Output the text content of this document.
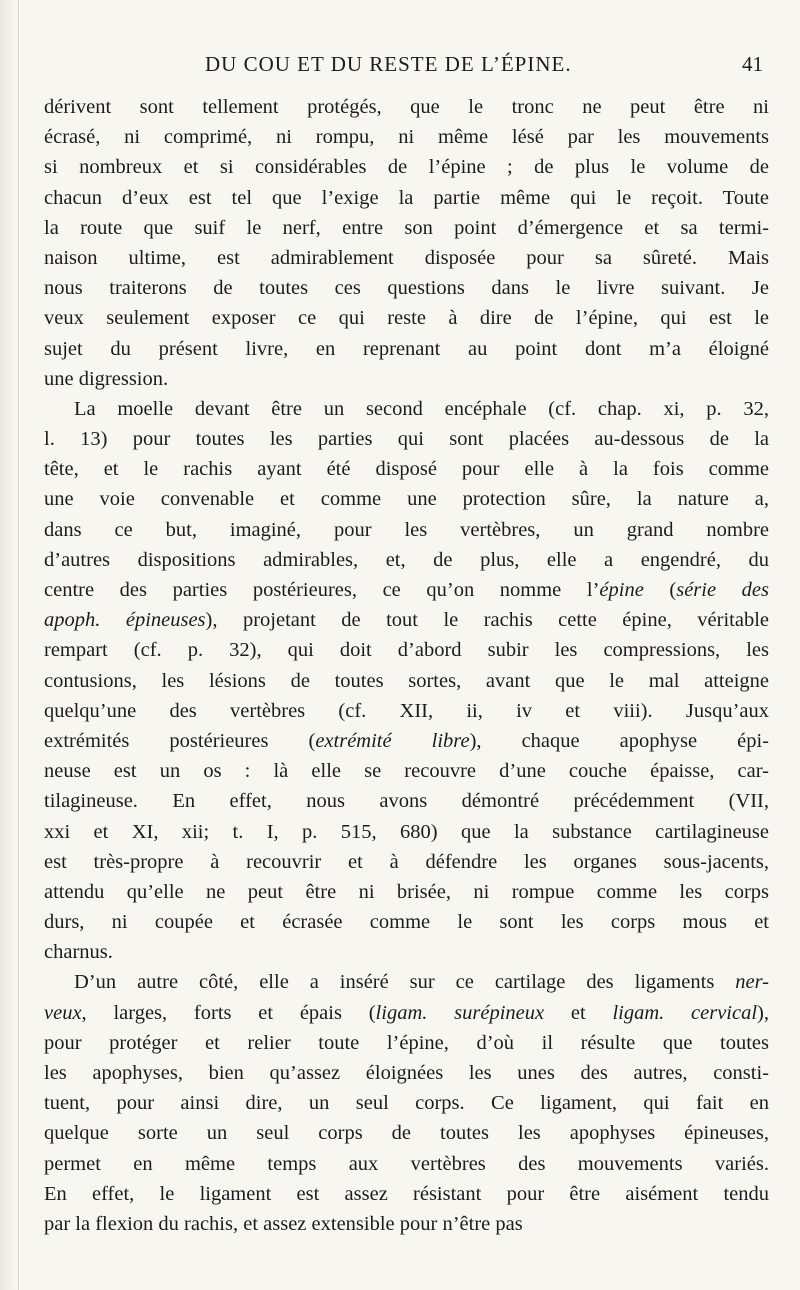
DU COU ET DU RESTE DE L’ÉPINE.	41
dérivent sont tellement protégés, que le tronc ne peut être ni
écrasé, ni comprimé, ni rompu, ni même lésé par les mouvements
si nombreux et si considérables de l’épine ; de plus le volume de
chacun d’eux est tel que l’exige la partie même qui le reçoit. Toute
la route que suif le nerf, entre son point d’émergence et sa termi-
naison ultime, est admirablement disposée pour sa sûreté. Mais
nous traiterons de toutes ces questions dans le livre suivant. Je
veux seulement exposer ce qui reste à dire de l’épine, qui est le
sujet du présent livre, en reprenant au point dont m’a éloigné
une digression.
La moelle devant être un second encéphale (cf. chap. xi, p. 32,
l. 13) pour toutes les parties qui sont placées au-dessous de la
tête, et le rachis ayant été disposé pour elle à la fois comme
une voie convenable et comme une protection sûre, la nature a,
dans ce but, imaginé, pour les vertèbres, un grand nombre
d’autres dispositions admirables, et, de plus, elle a engendré, du
centre des parties postérieures, ce qu’on nomme l’épine (série des
apoph. épineuses), projetant de tout le rachis cette épine, véritable
rempart (cf. p. 32), qui doit d’abord subir les compressions, les
contusions, les lésions de toutes sortes, avant que le mal atteigne
quelqu’une des vertèbres (cf. XII, ii, iv et viii). Jusqu’aux
extrémités postérieures (extrémité libre), chaque apophyse épi-
neuse est un os : là elle se recouvre d’une couche épaisse, car-
tilagineuse. En effet, nous avons démontré précédemment (VII,
xxi et XI, xii; t. I, p. 515, 680) que la substance cartilagineuse
est très-propre à recouvrir et à défendre les organes sous-jacents,
attendu qu’elle ne peut être ni brisée, ni rompue comme les corps
durs, ni coupée et écrasée comme le sont les corps mous et
charnus.
D’un autre côté, elle a inséré sur ce cartilage des ligaments ner-
veux, larges, forts et épais (ligam. surépineux et ligam. cervical),
pour protéger et relier toute l’épine, d’où il résulte que toutes
les apophyses, bien qu’assez éloignées les unes des autres, consti-
tuent, pour ainsi dire, un seul corps. Ce ligament, qui fait en
quelque sorte un seul corps de toutes les apophyses épineuses,
permet en même temps aux vertèbres des mouvements variés.
En effet, le ligament est assez résistant pour être aisément tendu
par la flexion du rachis, et assez extensible pour n’être pas
